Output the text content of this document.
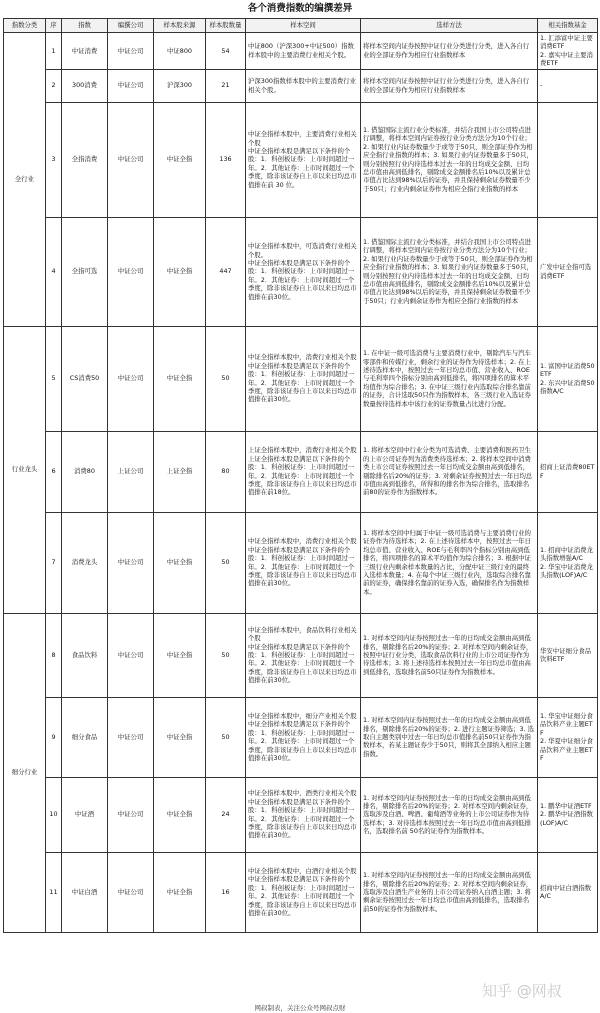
各个消费指数的编撰差异
指数分类	序	指数	编撰公司	样本股来源	样本股数量	样本空间	选样方法	相关指数基金
全行业	1	中证消费	中证公司	中证800	54	中证800（沪深300+中证500）指数样本股中的主要消费行业相关个股。	将样本空间内证券按照中证行业分类进行分类，进入各自行业的全部证券作为相应行业指数样本	1. 汇添富中证主要消费ETF
2. 嘉实中证主要消费ETF
	2	300消费	中证公司	沪深300	21	沪深300指数样本股中的主要消费行业相关个股。	将样本空间内证券按照中证行业分类进行分类，进入各自行业的全部证券作为相应行业指数样本	-
	3	全指消费	中证公司	中证全指	136	中证全指样本股中，主要消费行业相关个股
中证全指样本股是满足以下条件的个股：1．科创板证券：上市时间超过一年。2．其他证券：上市时间超过一个季度，除非该证券自上市以来日均总市值排在前 30 位。	1. 借鉴国际主流行业分类标准，并结合我国上市公司特点进行调整，将样本空间内证券按行业分类方法分为10个行业；2. 如果行业内证券数量少于或等于50只，则全部证券作为相应全指行业指数的样本；3. 如果行业内证券数量多于50只，则分别按照行业内待选样本过去一年的日均成交金额、日均总市值由高到低排名，剔除成交金额排名后10%以及累计总市值占比达到98%以后的证券，并且保持剩余证券数量不少于50只；行业内剩余证券作为相应全指行业指数的样本	
	4	全指可选	中证公司	中证全指	447	中证全指样本股中，可选消费行业相关个股。
中证全指样本股是满足以下条件的个股：1．科创板证券：上市时间超过一年。2．其他证券：上市时间超过一个季度，除非该证券自上市以来日均总市值排在前30位。	1. 借鉴国际主流行业分类标准，并结合我国上市公司特点进行调整，将样本空间内证券按行业分类方法分为10个行业；2. 如果行业内证券数量少于或等于50只，则全部证券作为相应全指行业指数的样本；3. 如果行业内证券数量多于50只，则分别按照行业内待选样本过去一年的日均成交金额、日均总市值由高到低排名，剔除成交金额排名后10%以及累计总市值占比达到98%以后的证券，并且保持剩余证券数量不少于50只；行业内剩余证券作为相应全指行业指数的样本	广发中证全指可选消费ETF
行业龙头	5	CS消费50	中证公司	中证全指	50	中证全指样本股中，消费行业相关个股
中证全指样本股是满足以下条件的个股：1．科创板证券：上市时间超过一年。2．其他证券：上市时间超过一个季度，除非该证券自上市以来日均总市值排在前30位。	1. 在中证一级可选消费与主要消费行业中，剔除汽车与汽车零部件和传媒行业，剩余行业的证券作为待选样本；2. 在上述待选样本中，按照过去一年日均总市值、营业收入、ROE与毛利率四个指标分别由高到低排名，将四项排名的算术平均值作为综合排名；3. 在中证三级行业内选取综合排名靠前的证券，合计选取50只作为指数样本，各三级行业入选证券数量按待选样本中该行业的证券数量占比进行分配。	1. 富国中证消费50ETF
2. 东兴中证消费50指数A/C
	6	消费80	上证公司	上证全指	80	上证全指样本股中，消费行业相关个股
上证全指样本股是满足以下条件的个股：1．科创板证券：上市时间超过一年。2．其他证券：上市时间超过一个季度，除非该证券自上市以来日均总市值排在前18位。	1. 将样本空间中行业分类为可选消费、主要消费和医药卫生的上市公司证券列为消费类待选样本；2. 将样本空间中消费类上市公司证券按照过去一年日均成交金额由高到低排名，剔除排名后20%的证券；3. 对剩余证券按照过去一年日均总市值由高到低排名，所得和的排名作为综合排名，选取排名前80的证券作为指数样本。	招商上证消费80ETF
	7	消费龙头	中证公司	中证全指	50	中证全指样本股中，消费行业相关个股
中证全指样本股是满足以下条件的个股：1．科创板证券：上市时间超过一年。2．其他证券：上市时间超过一个季度，除非该证券自上市以来日均总市值排在前30位。	1. 将样本空间中归属于中证一级可选消费与主要消费行业的证券作为待选样本；2. 在上述待选样本中，按照过去一年日均总市值、营业收入、ROE与毛利率四个指标分别由高到低排名，将四项排名的算术平均值作为综合排名；3. 根据中证三级行业内剩余样本数量的占比，分配中证三级行业的最终入选样本数量；4. 在每个中证三级行业内，选取综合排名靠前的证券，确保排名靠前的证券入选，确保排名作为指数样本。	1. 招商中证消费龙头指数增强A/C
2. 华宝中证消费龙头指数(LOF)A/C
细分行业	8	食品饮料	中证公司	中证全指	50	中证全指样本股中，食品饮料行业相关个股
中证全指样本股是满足以下条件的个股：1．科创板证券：上市时间超过一年。2．其他证券：上市时间超过一个季度，除非该证券自上市以来日均总市值排在前30位。	1. 对样本空间内证券按照过去一年的日均成交金额由高到低排名，剔除排名后20%的证券；2. 对样本空间内剩余证券，按照中证行业分类，选取食品饮料行业的上市公司证券作为待选样本；3. 将上述待选样本按照过去一年日均总市值由高到低排名，选取排名前50只证券作为指数样本。	华安中证细分食品饮料ETF
	9	细分食品	中证公司	中证全指	50	中证全指样本股中，细分产业相关个股
中证全指样本股是满足以下条件的个股：1．科创板证券：上市时间超过一年。2．其他证券：上市时间超过一个季度，除非该证券自上市以来日均总市值排在前30位。	1. 对样本空间内证券按照过去一年的日均成交金额由高到低排名，剔除排名后20%的证券；2. 进行主题证券筛选；3. 选取自主题类别中过去一年日均总市值排名前50只证券作为指数样本，若某主题证券少于50只，则将其全部纳入相应主题指数。	1. 华宝中证细分食品饮料产业主题ETF
2. 华夏中证细分食品饮料产业主题ETF
	10	中证酒	中证公司	中证全指	24	中证全指样本股中，酒类行业相关个股
中证全指样本股是满足以下条件的个股：1．科创板证券：上市时间超过一年。2．其他证券：上市时间超过一个季度，除非该证券自上市以来日均总市值排在前30位。	1. 对样本空间内证券按照过去一年的日均成交金额由高到低排名，剔除排名后20%的证券；2. 对样本空间内剩余证券，选取涉及白酒、啤酒、葡萄酒等业务的上市公司证券作为待选样本；3. 对待选样本按照过去一年日均总市值由高到低排名，选取排名前 50名的证券作为指数样本。	1. 鹏华中证酒ETF
2. 鹏华中证酒指数(LOF)A/C
	11	中证白酒	中证公司	中证全指	16	中证全指样本股中，白酒行业相关个股
中证全指样本股是满足以下条件的个股：1．科创板证券：上市时间超过一年。2．其他证券：上市时间超过一个季度，除非该证券自上市以来日均总市值排在前30位。	1. 对样本空间内证券按照过去一年的日均成交金额由高到低排名，剔除排名后20%的证券；2. 对样本空间内剩余证券，选取涉及白酒生产业务的上市公司证券纳入白酒主题；3. 将剩余证券按照过去一年日均总市值由高到低排名，选取排名前50的证券作为指数样本。	招商中证白酒指数A/C
网叔制表，关注公众号网叔点财
知乎 @网叔
